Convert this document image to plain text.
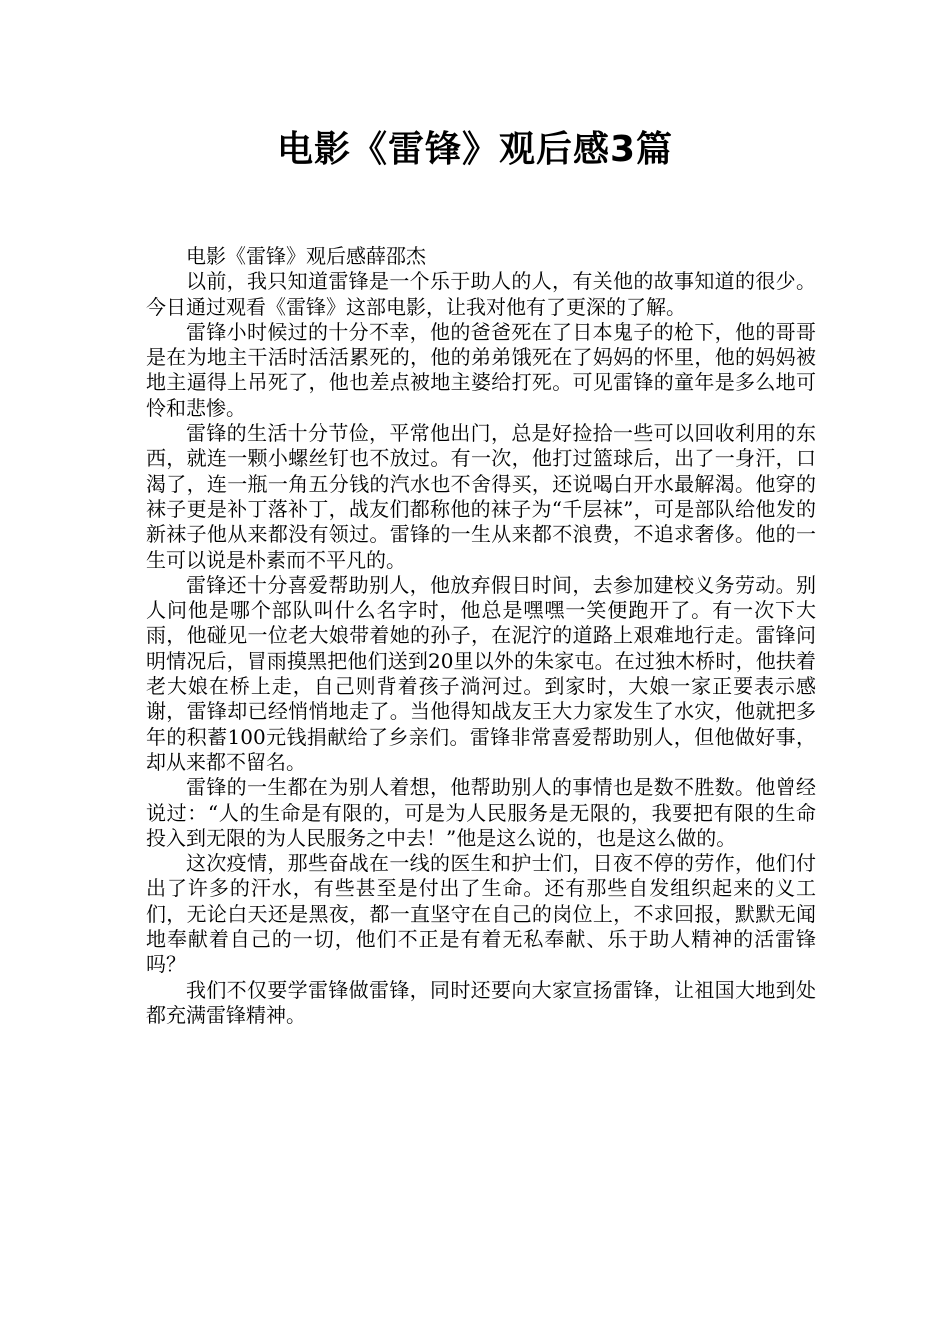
电影《雷锋》观后感3篇

电影《雷锋》观后感薛邵杰

以前，我只知道雷锋是一个乐于助人的人，有关他的故事知道的很少。今日通过观看《雷锋》这部电影，让我对他有了更深的了解。

雷锋小时候过的十分不幸，他的爸爸死在了日本鬼子的枪下，他的哥哥是在为地主干活时活活累死的，他的弟弟饿死在了妈妈的怀里，他的妈妈被地主逼得上吊死了，他也差点被地主婆给打死。可见雷锋的童年是多么地可怜和悲惨。

雷锋的生活十分节俭，平常他出门，总是好捡拾一些可以回收利用的东西，就连一颗小螺丝钉也不放过。有一次，他打过篮球后，出了一身汗，口渴了，连一瓶一角五分钱的汽水也不舍得买，还说喝白开水最解渴。他穿的袜子更是补丁落补丁，战友们都称他的袜子为“千层袜”，可是部队给他发的新袜子他从来都没有领过。雷锋的一生从来都不浪费，不追求奢侈。他的一生可以说是朴素而不平凡的。

雷锋还十分喜爱帮助别人，他放弃假日时间，去参加建校义务劳动。别人问他是哪个部队叫什么名字时，他总是嘿嘿一笑便跑开了。有一次下大雨，他碰见一位老大娘带着她的孙子，在泥泞的道路上艰难地行走。雷锋问明情况后，冒雨摸黑把他们送到20里以外的朱家屯。在过独木桥时，他扶着老大娘在桥上走，自己则背着孩子淌河过。到家时，大娘一家正要表示感谢，雷锋却已经悄悄地走了。当他得知战友王大力家发生了水灾，他就把多年的积蓄100元钱捐献给了乡亲们。雷锋非常喜爱帮助别人，但他做好事，却从来都不留名。

雷锋的一生都在为别人着想，他帮助别人的事情也是数不胜数。他曾经说过：“人的生命是有限的，可是为人民服务是无限的，我要把有限的生命投入到无限的为人民服务之中去！”他是这么说的，也是这么做的。

这次疫情，那些奋战在一线的医生和护士们，日夜不停的劳作，他们付出了许多的汗水，有些甚至是付出了生命。还有那些自发组织起来的义工们，无论白天还是黑夜，都一直坚守在自己的岗位上，不求回报，默默无闻地奉献着自己的一切，他们不正是有着无私奉献、乐于助人精神的活雷锋吗？

我们不仅要学雷锋做雷锋，同时还要向大家宣扬雷锋，让祖国大地到处都充满雷锋精神。
